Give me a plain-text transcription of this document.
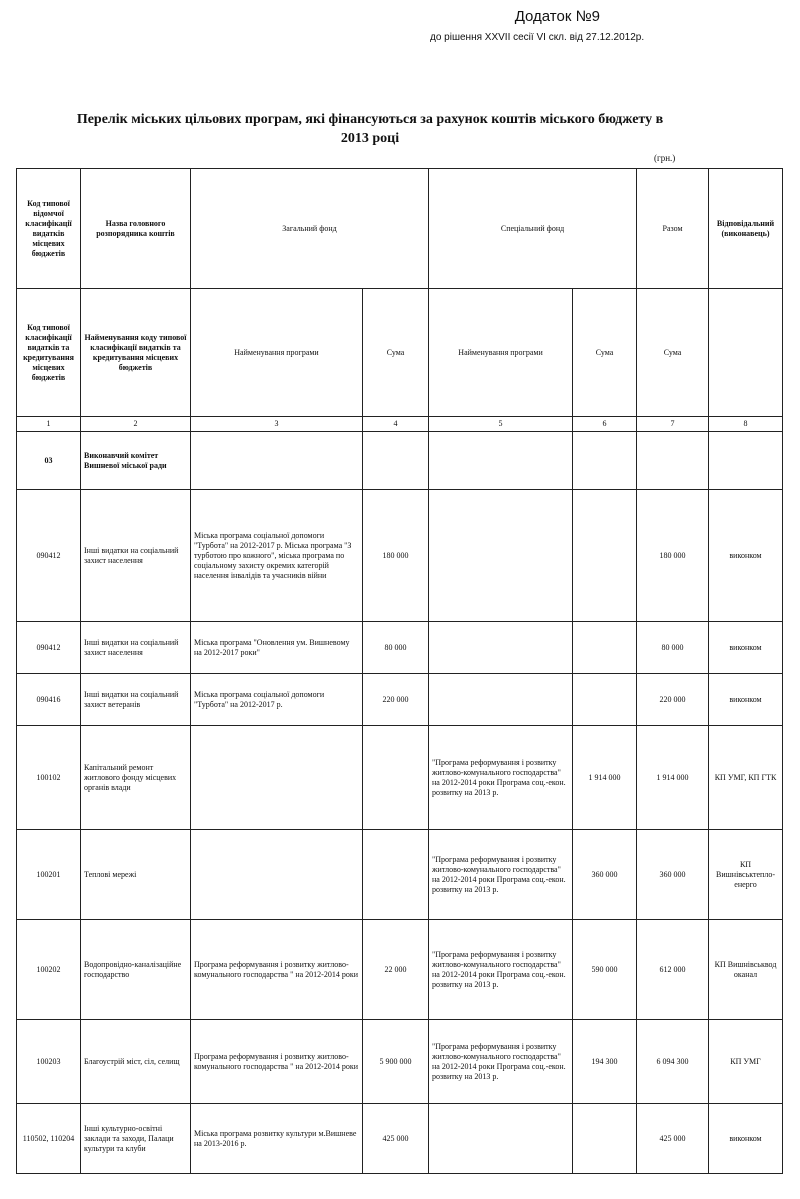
Додаток №9
до рішення XXVII сесії VI скл. від 27.12.2012р.
Перелік міських цільових програм, які фінансуються за рахунок коштів міського бюджету в
2013 році
(грн.)
Код типової відомчої класифікації видатків місцевих бюджетів	Назва головного розпорядника коштів	Загальний фонд		Спеціальний фонд		Разом	Відповідальний (виконавець)
Код типової класифікації видатків та кредитування місцевих бюджетів	Найменування коду типової класифікації видатків та кредитування місцевих бюджетів	Найменування програми	Сума	Найменування програми	Сума	Сума	
1	2	3	4	5	6	7	8
03	Виконавчий комітет Вишневої міської ради						
090412	Інші видатки на соціальний захист населення	Міська програма соціальної допомоги "Турбота" на 2012-2017 р. Міська програма "З турботою про кожного", міська програма по соціальному захисту окремих категорій населення інвалідів та учасників війни	180 000			180 000	виконком
090412	Інші видатки на соціальний захист населення	Міська програма "Оновлення ум. Вишневому на 2012-2017 роки"	80 000			80 000	виконком
090416	Інші видатки на соціальний захист ветеранів	Міська програма соціальної допомоги "Турбота" на 2012-2017 р.	220 000			220 000	виконком
100102	Капітальний ремонт житлового фонду місцевих органів влади			"Програма реформування і розвитку житлово-комунального господарства" на 2012-2014 роки Програма соц.-екон. розвитку на 2013 р.	1 914 000	1 914 000	КП УМГ, КП ГТК
100201	Теплові мережі			"Програма реформування і розвитку житлово-комунального господарства" на 2012-2014 роки Програма соц.-екон. розвитку на 2013 р.	360 000	360 000	КП Вишнівськтепло-енерго
100202	Водопровідно-каналізаційне господарство	Програма реформування і розвитку житлово-комунального господарства " на 2012-2014 роки	22 000	"Програма реформування і розвитку житлово-комунального господарства" на 2012-2014 роки Програма соц.-екон. розвитку на 2013 р.	590 000	612 000	КП Вишнівськвод оканал
100203	Благоустрій міст, сіл, селищ	Програма реформування і розвитку житлово-комунального господарства " на 2012-2014 роки	5 900 000	"Програма реформування і розвитку житлово-комунального господарства" на 2012-2014 роки Програма соц.-екон. розвитку на 2013 р.	194 300	6 094 300	КП УМГ
110502, 110204	Інші культурно-освітні заклади та заходи, Палаци культури та клуби	Міська програма розвитку культури м.Вишневе на 2013-2016 р.	425 000			425 000	виконком
